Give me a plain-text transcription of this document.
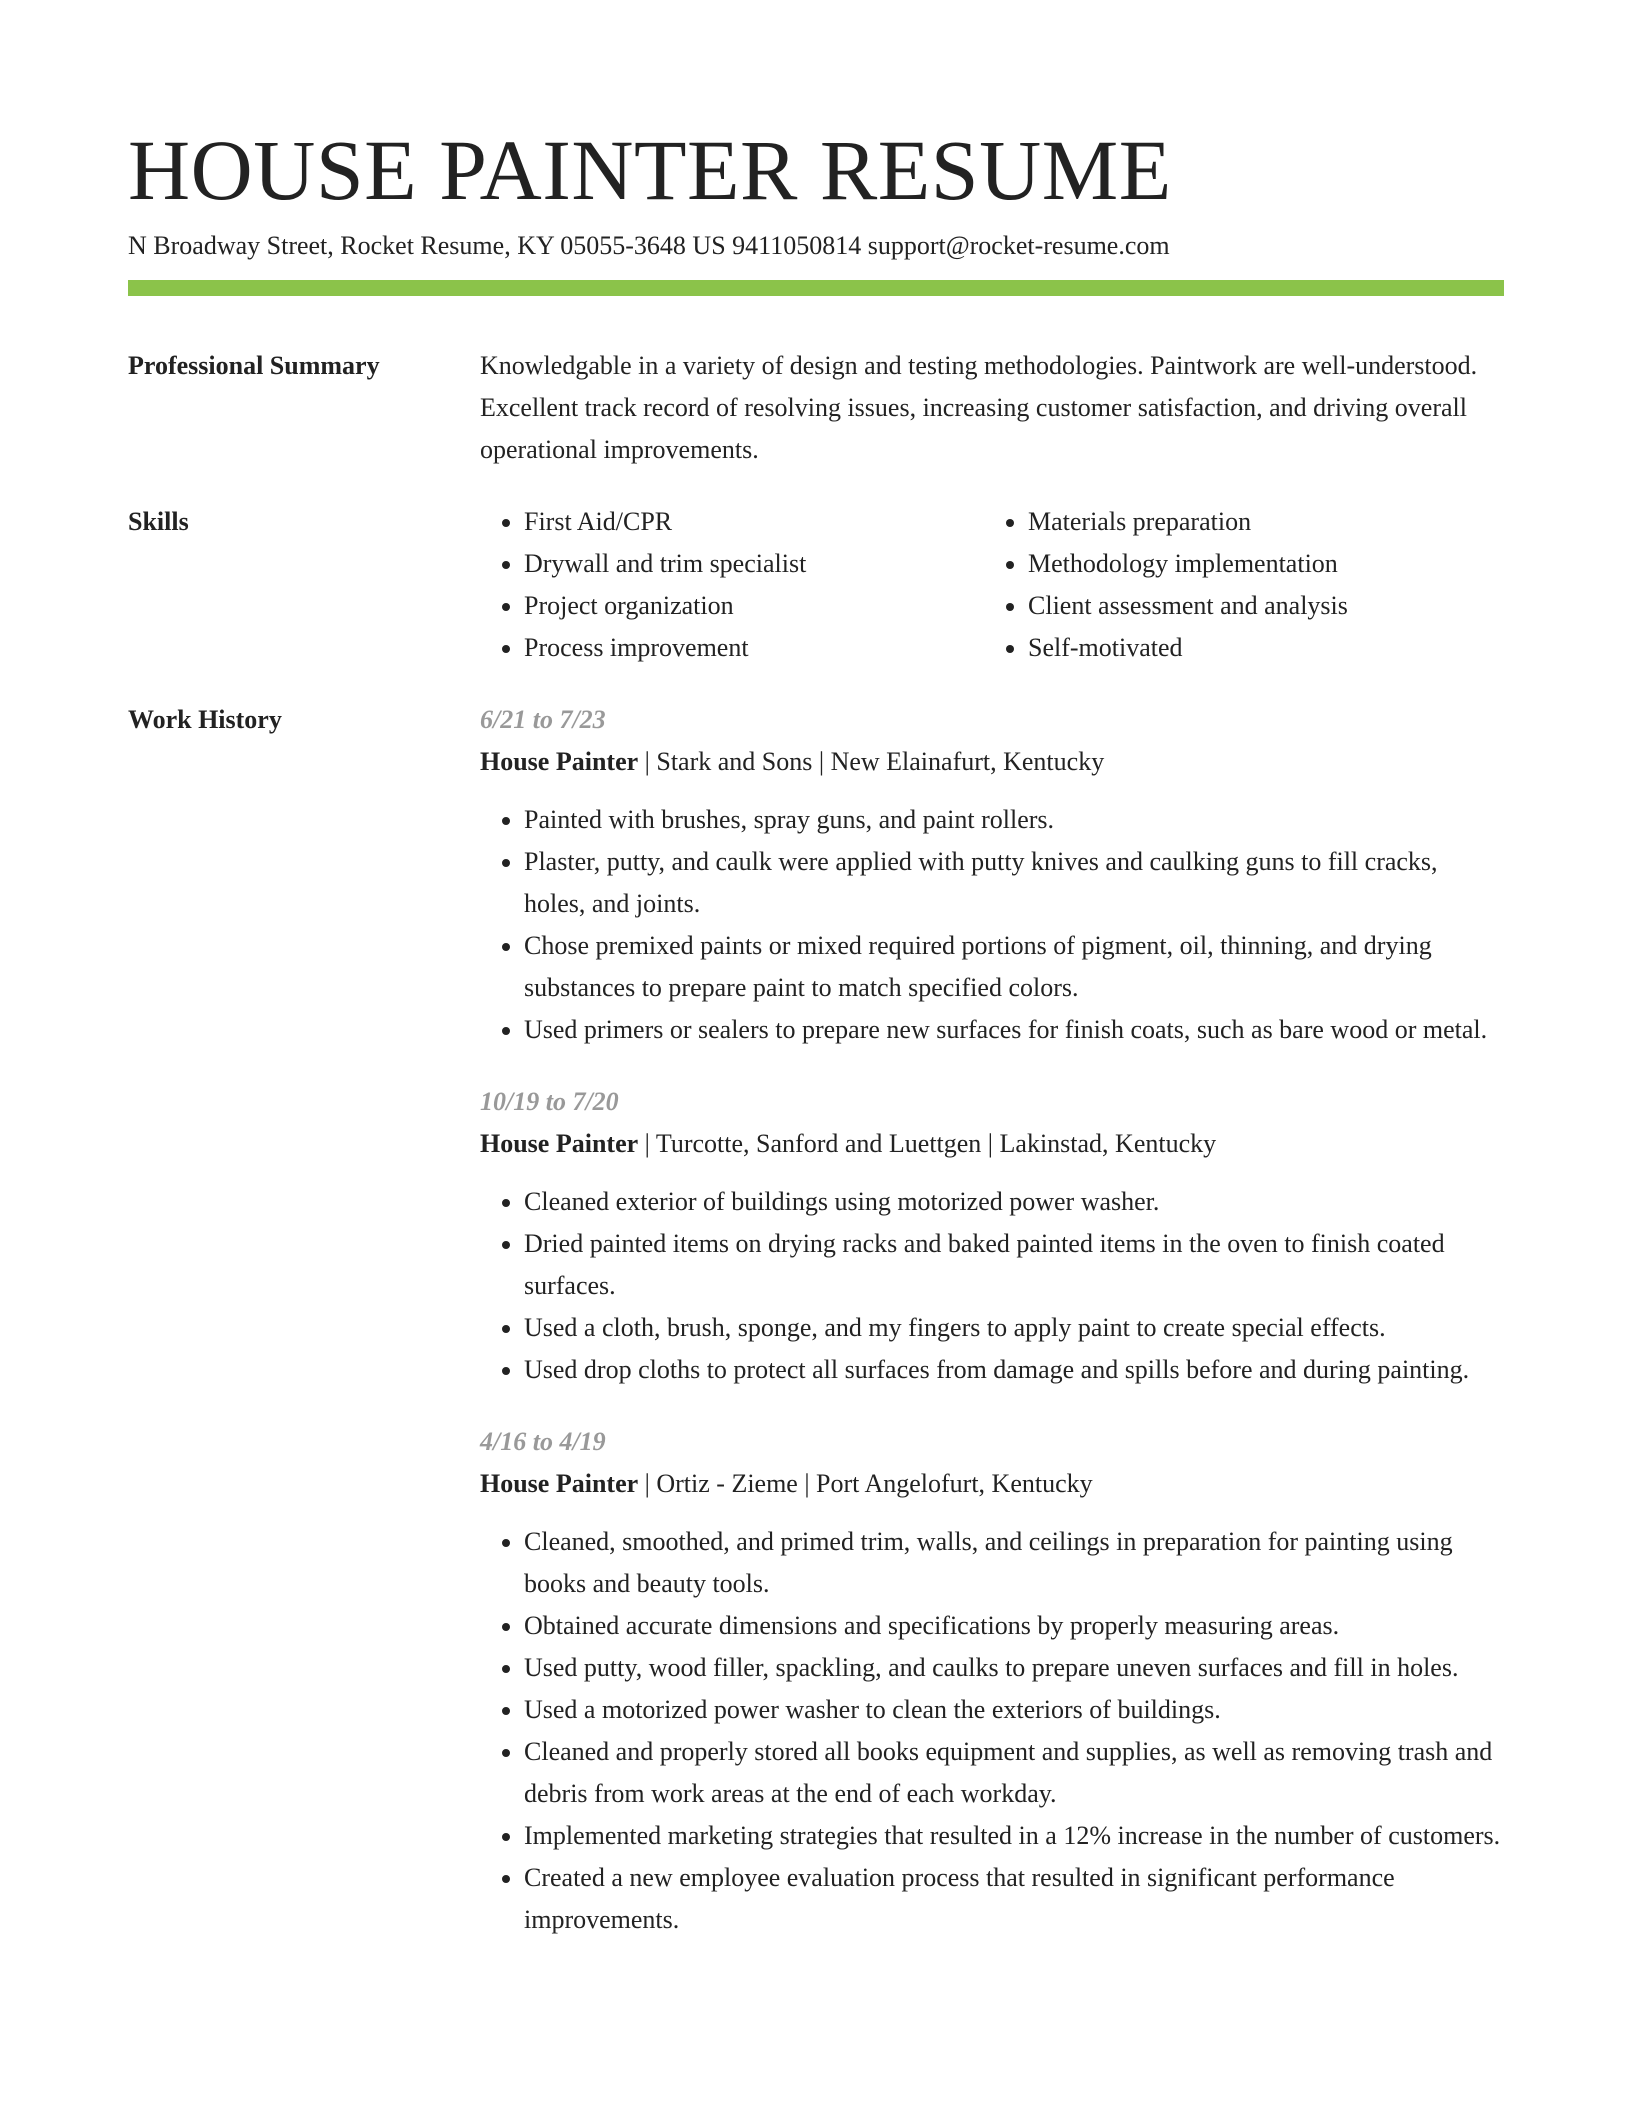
HOUSE PAINTER RESUME
N Broadway Street, Rocket Resume, KY 05055-3648 US 9411050814 support@rocket-resume.com
Professional Summary	Knowledgable in a variety of design and testing methodologies. Paintwork are well-understood. Excellent track record of resolving issues, increasing customer satisfaction, and driving overall operational improvements.
Skills
•	First Aid/CPR
• Drywall and trim specialist
• Project organization
• Process improvement
• Materials preparation
• Methodology implementation
• Client assessment and analysis
• Self-motivated
Work History	6/21 to 7/23
House Painter | Stark and Sons | New Elainafurt, Kentucky
• Painted with brushes, spray guns, and paint rollers.
• Plaster, putty, and caulk were applied with putty knives and caulking guns to fill cracks, holes, and joints.
• Chose premixed paints or mixed required portions of pigment, oil, thinning, and drying substances to prepare paint to match specified colors.
• Used primers or sealers to prepare new surfaces for finish coats, such as bare wood or metal.
10/19 to 7/20
House Painter | Turcotte, Sanford and Luettgen | Lakinstad, Kentucky
• Cleaned exterior of buildings using motorized power washer.
• Dried painted items on drying racks and baked painted items in the oven to finish coated surfaces.
• Used a cloth, brush, sponge, and my fingers to apply paint to create special effects.
• Used drop cloths to protect all surfaces from damage and spills before and during painting.
4/16 to 4/19
House Painter | Ortiz - Zieme | Port Angelofurt, Kentucky
• Cleaned, smoothed, and primed trim, walls, and ceilings in preparation for painting using books and beauty tools.
• Obtained accurate dimensions and specifications by properly measuring areas.
• Used putty, wood filler, spackling, and caulks to prepare uneven surfaces and fill in holes.
• Used a motorized power washer to clean the exteriors of buildings.
• Cleaned and properly stored all books equipment and supplies, as well as removing trash and debris from work areas at the end of each workday.
• Implemented marketing strategies that resulted in a 12% increase in the number of customers.
• Created a new employee evaluation process that resulted in significant performance improvements.
